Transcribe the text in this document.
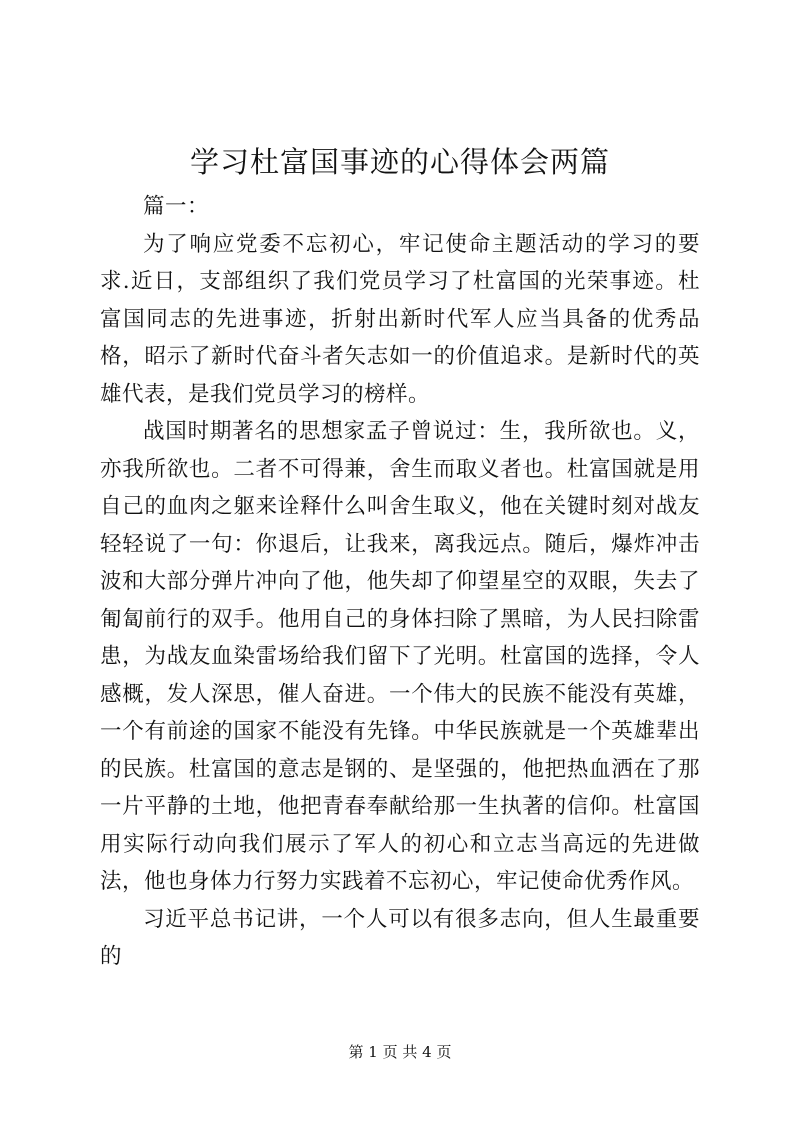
学习杜富国事迹的心得体会两篇

篇一：

为了响应党委不忘初心，牢记使命主题活动的学习的要求.近日，支部组织了我们党员学习了杜富国的光荣事迹。杜富国同志的先进事迹，折射出新时代军人应当具备的优秀品格，昭示了新时代奋斗者矢志如一的价值追求。是新时代的英雄代表，是我们党员学习的榜样。

战国时期著名的思想家孟子曾说过：生，我所欲也。义，亦我所欲也。二者不可得兼，舍生而取义者也。杜富国就是用自己的血肉之躯来诠释什么叫舍生取义，他在关键时刻对战友轻轻说了一句：你退后，让我来，离我远点。随后，爆炸冲击波和大部分弹片冲向了他，他失却了仰望星空的双眼，失去了匍匐前行的双手。他用自己的身体扫除了黑暗，为人民扫除雷患，为战友血染雷场给我们留下了光明。杜富国的选择，令人感概，发人深思，催人奋进。一个伟大的民族不能没有英雄，一个有前途的国家不能没有先锋。中华民族就是一个英雄辈出的民族。杜富国的意志是钢的、是坚强的，他把热血洒在了那一片平静的土地，他把青春奉献给那一生执著的信仰。杜富国用实际行动向我们展示了军人的初心和立志当高远的先进做法，他也身体力行努力实践着不忘初心，牢记使命优秀作风。

习近平总书记讲，一个人可以有很多志向，但人生最重要的

第 1 页 共 4 页
